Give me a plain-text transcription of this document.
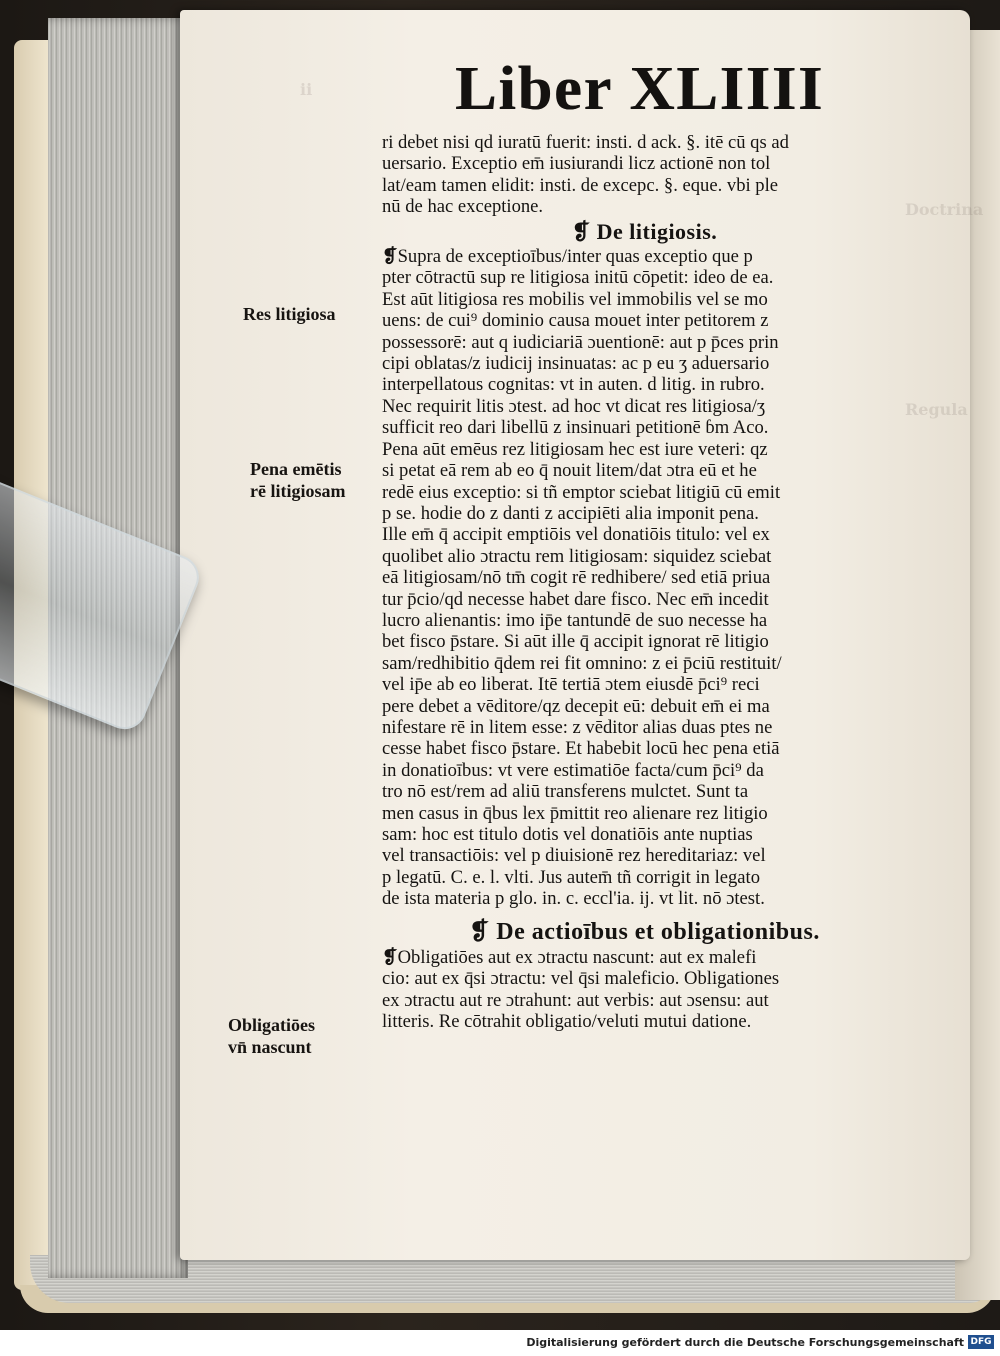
ii
Doctrina
Regula
Liber XLIIII
ri debet nisi qd iuratū fuerit: insti. d ack. §. itē cū qs ad
uersario. Exceptio em̄ iusiurandi licz actionē non tol
lat/eam tamen elidit: insti. de excepc. §. eque. vbi ple
nū de hac exceptione.
❡ De litigiosis.
❡Supra de exceptioībus/inter quas exceptio que p
pter cōtractū sup re litigiosa initū cōpetit: ideo de ea.
Est aūt litigiosa res mobilis vel immobilis vel se mo
uens: de cui⁹ dominio causa mouet inter petitorem z
possessorē: aut q iudiciariā ɔuentionē: aut p p̄ces prin
cipi oblatas/z iudicij insinuatas: ac p eu ʒ aduersario
interpellatous cognitas: vt in auten. d litig. in rubro.
Nec requirit litis ɔtest. ad hoc vt dicat res litigiosa/ʒ
sufficit reo dari libellū z insinuari petitionē ɓm Aco.
Pena aūt emēus rez litigiosam hec est iure veteri: qz
si petat eā rem ab eo q̄ nouit litem/dat ɔtra eū et he
redē eius exceptio: si tñ emptor sciebat litigiū cū emit
p se. hodie do z danti z accipiēti alia imponit pena.
Ille em̄ q̄ accipit emptiōis vel donatiōis titulo: vel ex
quolibet alio ɔtractu rem litigiosam: siquidez sciebat
eā litigiosam/nō tm̄ cogit rē redhibere/ sed etiā priua
tur p̄cio/qd necesse habet dare fisco. Nec em̄ incedit
lucro alienantis: imo ip̄e tantundē de suo necesse ha
bet fisco p̄stare. Si aūt ille q̄ accipit ignorat rē litigio
sam/redhibitio q̄dem rei fit omnino: z ei p̄ciū restituit/
vel ip̄e ab eo liberat. Itē tertiā ɔtem eiusdē p̄ci⁹ reci
pere debet a vēditore/qz decepit eū: debuit em̄ ei ma
nifestare rē in litem esse: z vēditor alias duas ptes ne
cesse habet fisco p̄stare. Et habebit locū hec pena etiā
in donatioībus: vt vere estimatiōe facta/cum p̄ci⁹ da
tro nō est/rem ad aliū transferens mulctet. Sunt ta
men casus in q̄bus lex p̄mittit reo alienare rez litigio
sam: hoc est titulo dotis vel donatiōis ante nuptias
vel transactiōis: vel p diuisionē rez hereditariaz: vel
p legatū. C. e. l. vlti. Jus autem̄ tñ corrigit in legato
de ista materia p glo. in. c. eccl'ia. ij. vt lit. nō ɔtest.
❡ De actioībus et obligationibus.
❡Obligatiōes aut ex ɔtractu nascunt: aut ex malefi
cio: aut ex q̄si ɔtractu: vel q̄si maleficio. Obligationes
ex ɔtractu aut re ɔtrahunt: aut verbis: aut ɔsensu: aut
litteris. Re cōtrahit obligatio/veluti mutui datione.
Res litigiosa
Pena emētis
rē litigiosam
Obligatiōes
vn̄ nascunt
Digitalisierung gefördert durch die Deutsche Forschungsgemeinschaft DFG
